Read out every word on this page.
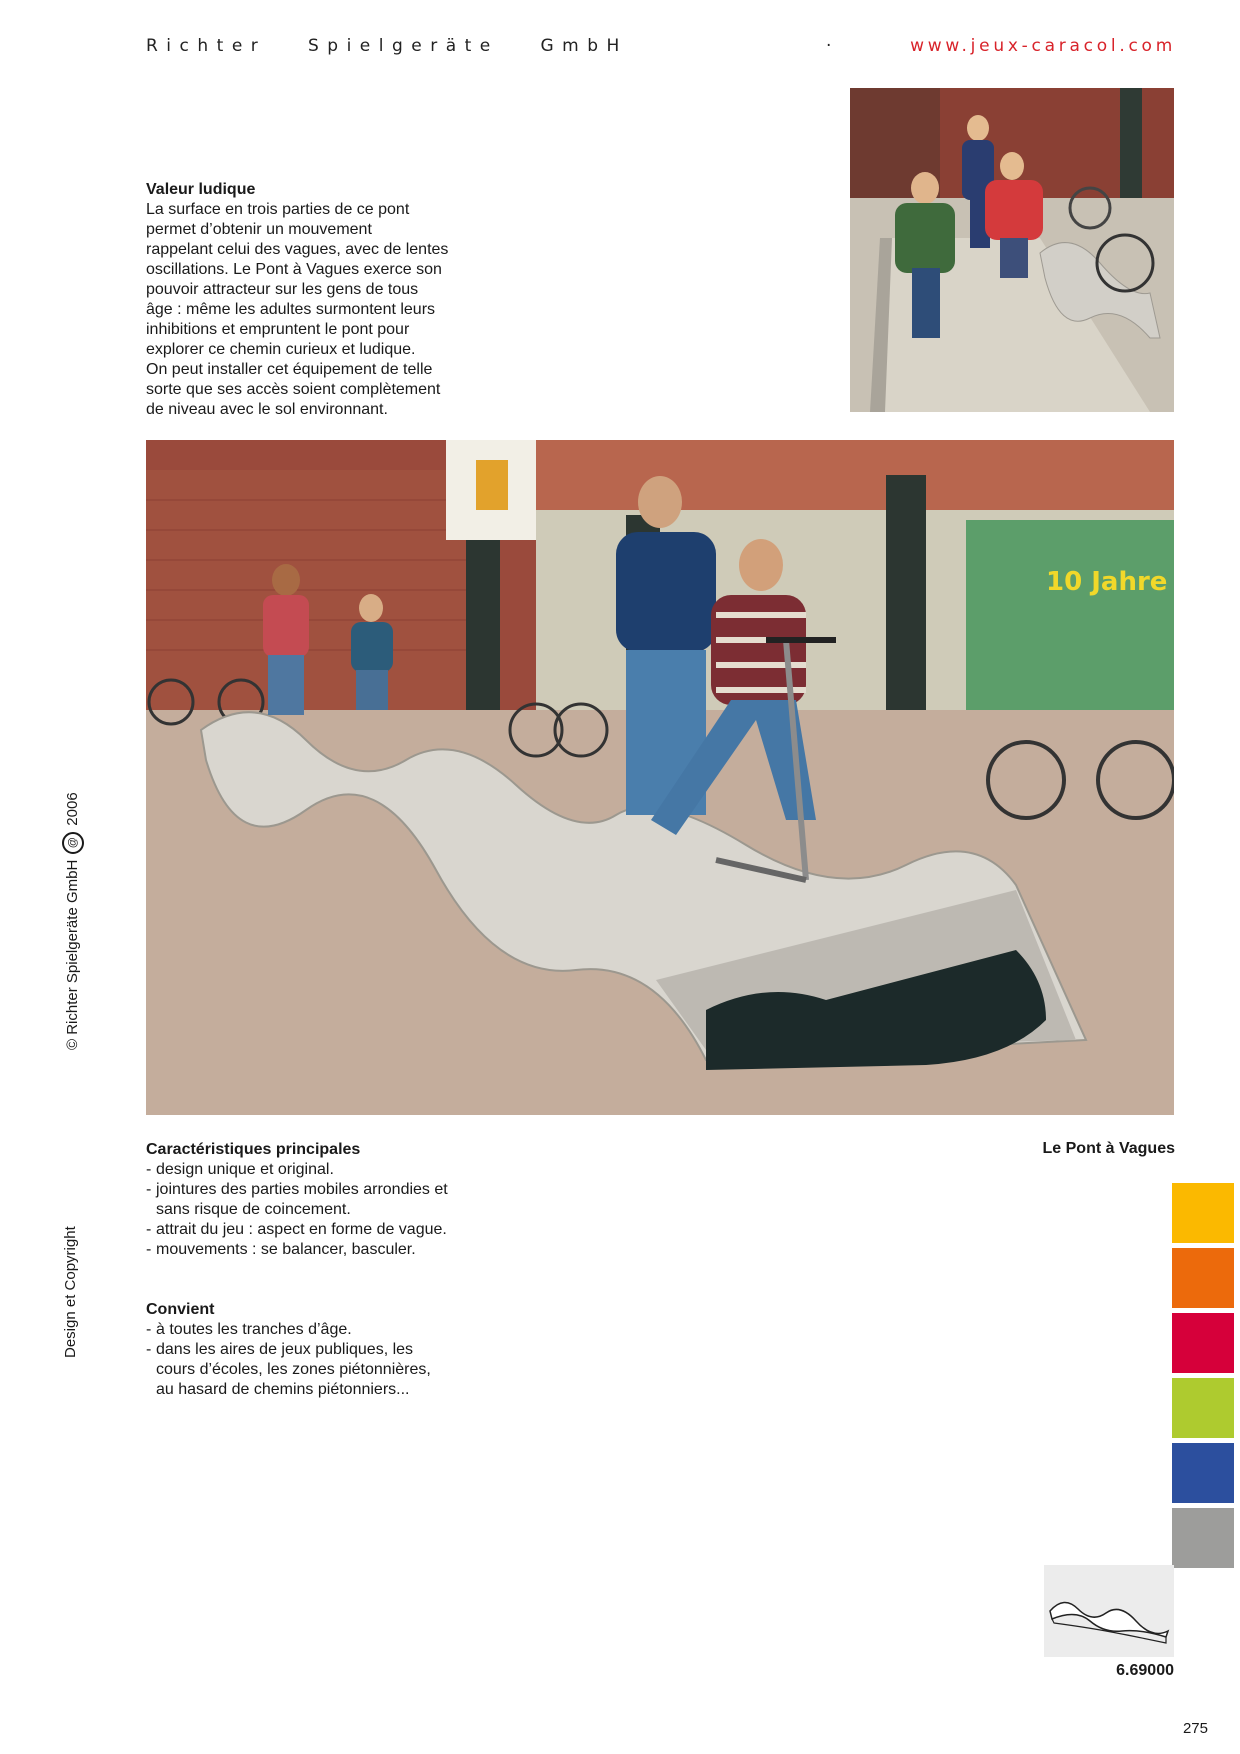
Richter   Spielgeräte   GmbH	·	www.jeux-caracol.com
Valeur ludique

La surface en trois parties de ce pont
permet d’obtenir un mouvement
rappelant celui des vagues, avec de lentes
oscillations. Le Pont à Vagues exerce son
pouvoir attracteur sur les gens de tous
âge : même les adultes surmontent leurs
inhibitions et empruntent le pont pour
explorer ce chemin curieux et ludique.
On peut installer cet équipement de telle
sorte que ses accès soient complètement
de niveau avec le sol environnant.

10 Jahre
Caractéristiques principales
- design unique et original.
- jointures des parties mobiles arrondies et sans risque de coincement.
- attrait du jeu : aspect en forme de vague.
- mouvements : se balancer, basculer.
Convient
- à toutes les tranches d’âge.
- dans les aires de jeux publiques, les cours d’écoles, les zones piétonnières, au hasard de chemins piétonniers...
Le Pont à Vagues
© Richter Spielgeräte GmbH@2006
Design et Copyright
6.69000
275
